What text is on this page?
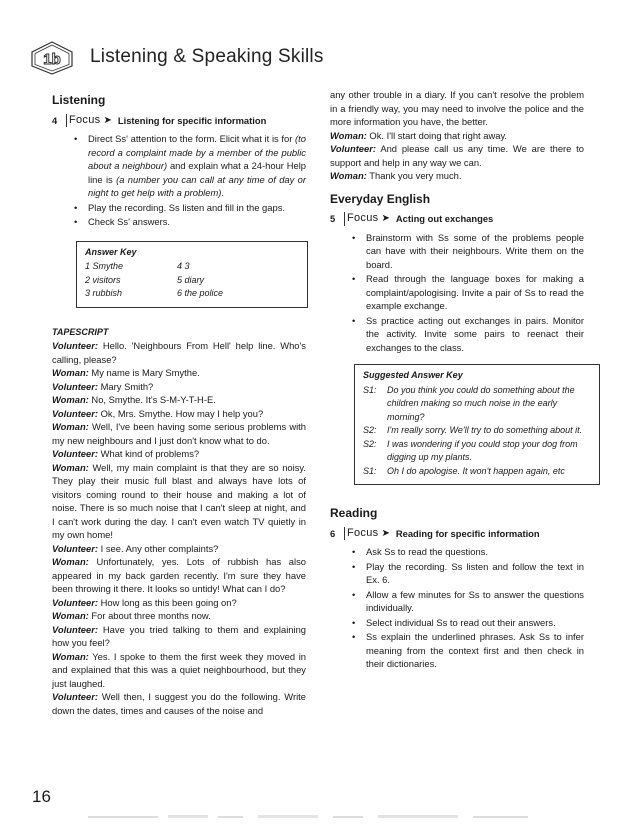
1b Listening & Speaking Skills
Listening
4	Focus ➤ Listening for specific information
• Direct Ss' attention to the form. Elicit what it is for (to record a complaint made by a member of the public about a neighbour) and explain what a 24-hour Help line is (a number you can call at any time of day or night to get help with a problem).
• Play the recording. Ss listen and fill in the gaps.
• Check Ss' answers.
Answer Key
1 Smythe	4 3
2 visitors	5 diary
3 rubbish	6 the police
TAPESCRIPT

Volunteer: Hello. 'Neighbours From Hell' help line. Who's calling, please?

Woman: My name is Mary Smythe.

Volunteer: Mary Smith?

Woman: No, Smythe. It's S-M-Y-T-H-E.

Volunteer: Ok, Mrs. Smythe. How may I help you?

Woman: Well, I've been having some serious problems with my new neighbours and I just don't know what to do.

Volunteer: What kind of problems?

Woman: Well, my main complaint is that they are so noisy. They play their music full blast and always have lots of visitors coming round to their house and making a lot of noise. There is so much noise that I can't sleep at night, and I can't work during the day. I can't even watch TV quietly in my own home!

Volunteer: I see. Any other complaints?

Woman: Unfortunately, yes. Lots of rubbish has also appeared in my back garden recently. I'm sure they have been throwing it there. It looks so untidy! What can I do?

Volunteer: How long as this been going on?

Woman: For about three months now.

Volunteer: Have you tried talking to them and explaining how you feel?

Woman: Yes. I spoke to them the first week they moved in and explained that this was a quiet neighbourhood, but they just laughed.

Volunteer: Well then, I suggest you do the following. Write down the dates, times and causes of the noise and

any other trouble in a diary. If you can't resolve the problem in a friendly way, you may need to involve the police and the more information you have, the better.

Woman: Ok. I'll start doing that right away.

Volunteer: And please call us any time. We are there to support and help in any way we can.

Woman: Thank you very much.

Everyday English
5	Focus ➤ Acting out exchanges
• Brainstorm with Ss some of the problems people can have with their neighbours. Write them on the board.
• Read through the language boxes for making a complaint/apologising. Invite a pair of Ss to read the example exchange.
• Ss practice acting out exchanges in pairs. Monitor the activity. Invite some pairs to reenact their exchanges to the class.
Suggested Answer Key
S1:	Do you think you could do something about the children making so much noise in the early morning?
S2:	I'm really sorry. We'll try to do something about it.
S2:	I was wondering if you could stop your dog from digging up my plants.
S1:	Oh I do apologise. It won't happen again, etc
Reading
6	Focus ➤ Reading for specific information
• Ask Ss to read the questions.
• Play the recording. Ss listen and follow the text in Ex. 6.
• Allow a few minutes for Ss to answer the questions individually.
• Select individual Ss to read out their answers.
• Ss explain the underlined phrases. Ask Ss to infer meaning from the context first and then check in their dictionaries.
16
